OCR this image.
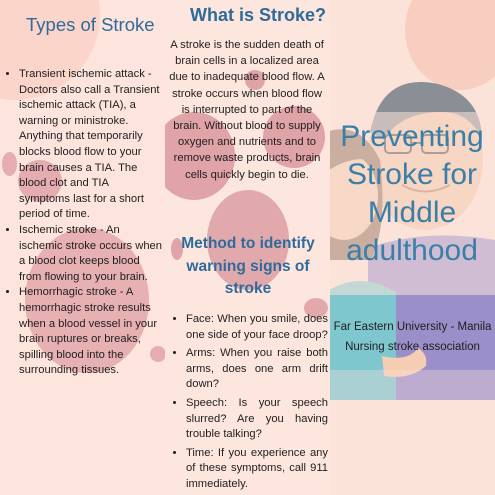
Types of Stroke

• Transient ischemic attack - Doctors also call a Transient ischemic attack (TIA), a warning or ministroke. Anything that temporarily blocks blood flow to your brain causes a TIA. The blood clot and TIA symptoms last for a short period of time.

• Ischemic stroke - An ischemic stroke occurs when a blood clot keeps blood from flowing to your brain.

• Hemorrhagic stroke - A hemorrhagic stroke results when a blood vessel in your brain ruptures or breaks, spilling blood into the surrounding tissues.

What is Stroke?
A stroke is the sudden death of brain cells in a localized area due to inadequate blood flow. A stroke occurs when blood flow is interrupted to part of the brain. Without blood to supply oxygen and nutrients and to remove waste products, brain cells quickly begin to die.
Method to identify warning signs of stroke

• Face: When you smile, does one side of your face droop?

• Arms: When you raise both arms, does one arm drift down?

• Speech: Is your speech slurred? Are you having trouble talking?

• Time: If you experience any of these symptoms, call 911 immediately.

Preventing Stroke for Middle adulthood
Far Eastern University - Manila Nursing stroke association
